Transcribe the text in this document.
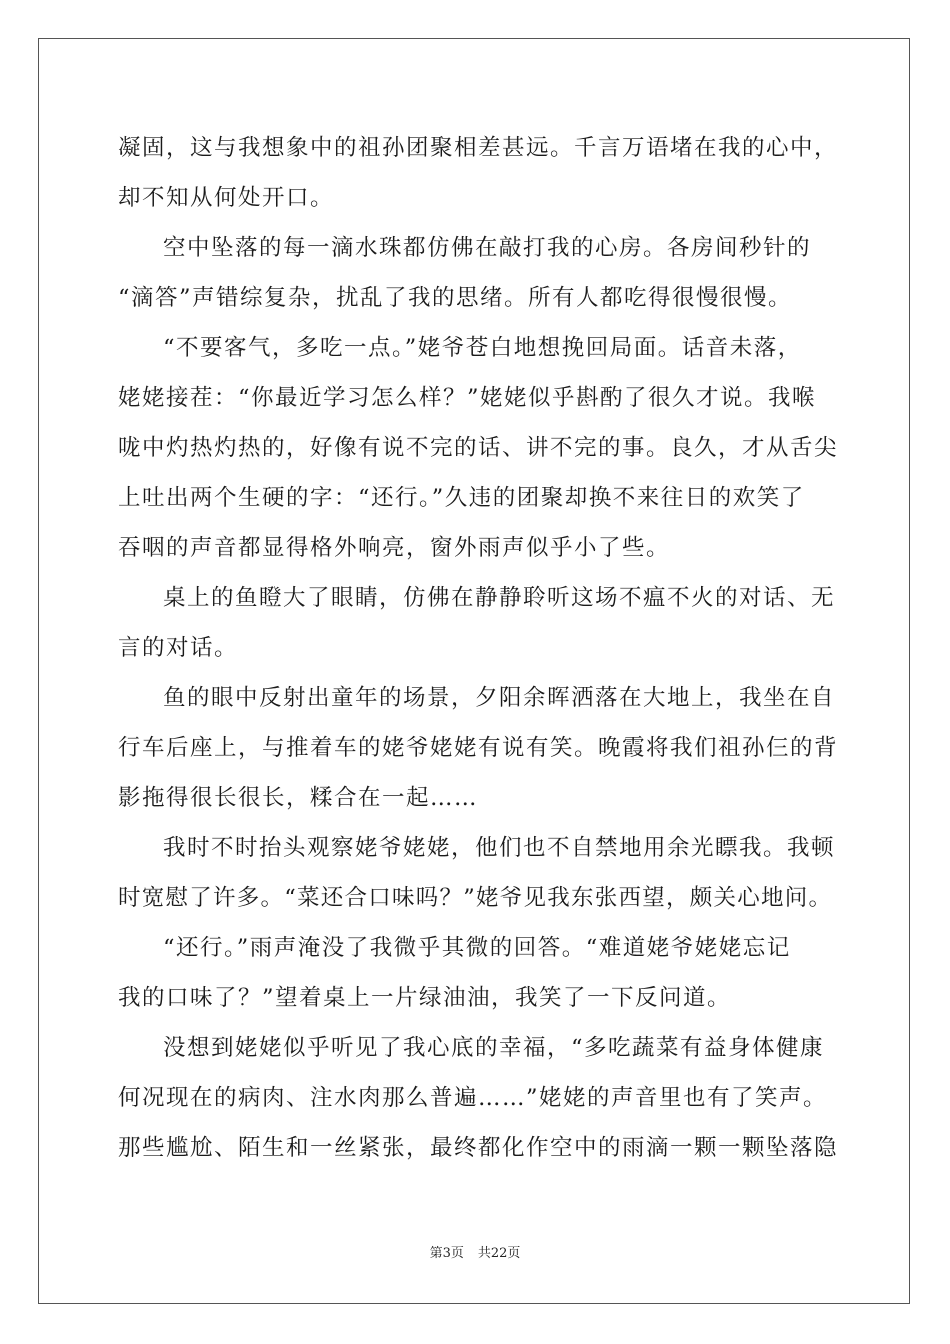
凝固，这与我想象中的祖孙团聚相差甚远。千言万语堵在我的心中，
却不知从何处开口。
空中坠落的每一滴水珠都仿佛在敲打我的心房。各房间秒针的
“滴答”声错综复杂，扰乱了我的思绪。所有人都吃得很慢很慢。
“不要客气，多吃一点。”姥爷苍白地想挽回局面。话音未落，
姥姥接茬：“你最近学习怎么样？”姥姥似乎斟酌了很久才说。我喉
咙中灼热灼热的，好像有说不完的话、讲不完的事。良久，才从舌尖
上吐出两个生硬的字：“还行。”久违的团聚却换不来往日的欢笑了
吞咽的声音都显得格外响亮，窗外雨声似乎小了些。
桌上的鱼瞪大了眼睛，仿佛在静静聆听这场不瘟不火的对话、无
言的对话。
鱼的眼中反射出童年的场景，夕阳余晖洒落在大地上，我坐在自
行车后座上，与推着车的姥爷姥姥有说有笑。晚霞将我们祖孙仨的背
影拖得很长很长，糅合在一起……
我时不时抬头观察姥爷姥姥，他们也不自禁地用余光瞟我。我顿
时宽慰了许多。“菜还合口味吗？”姥爷见我东张西望，颇关心地问。
“还行。”雨声淹没了我微乎其微的回答。“难道姥爷姥姥忘记
我的口味了？”望着桌上一片绿油油，我笑了一下反问道。
没想到姥姥似乎听见了我心底的幸福，“多吃蔬菜有益身体健康
何况现在的病肉、注水肉那么普遍……”姥姥的声音里也有了笑声。
那些尴尬、陌生和一丝紧张，最终都化作空中的雨滴一颗一颗坠落隐
第3页 共22页
